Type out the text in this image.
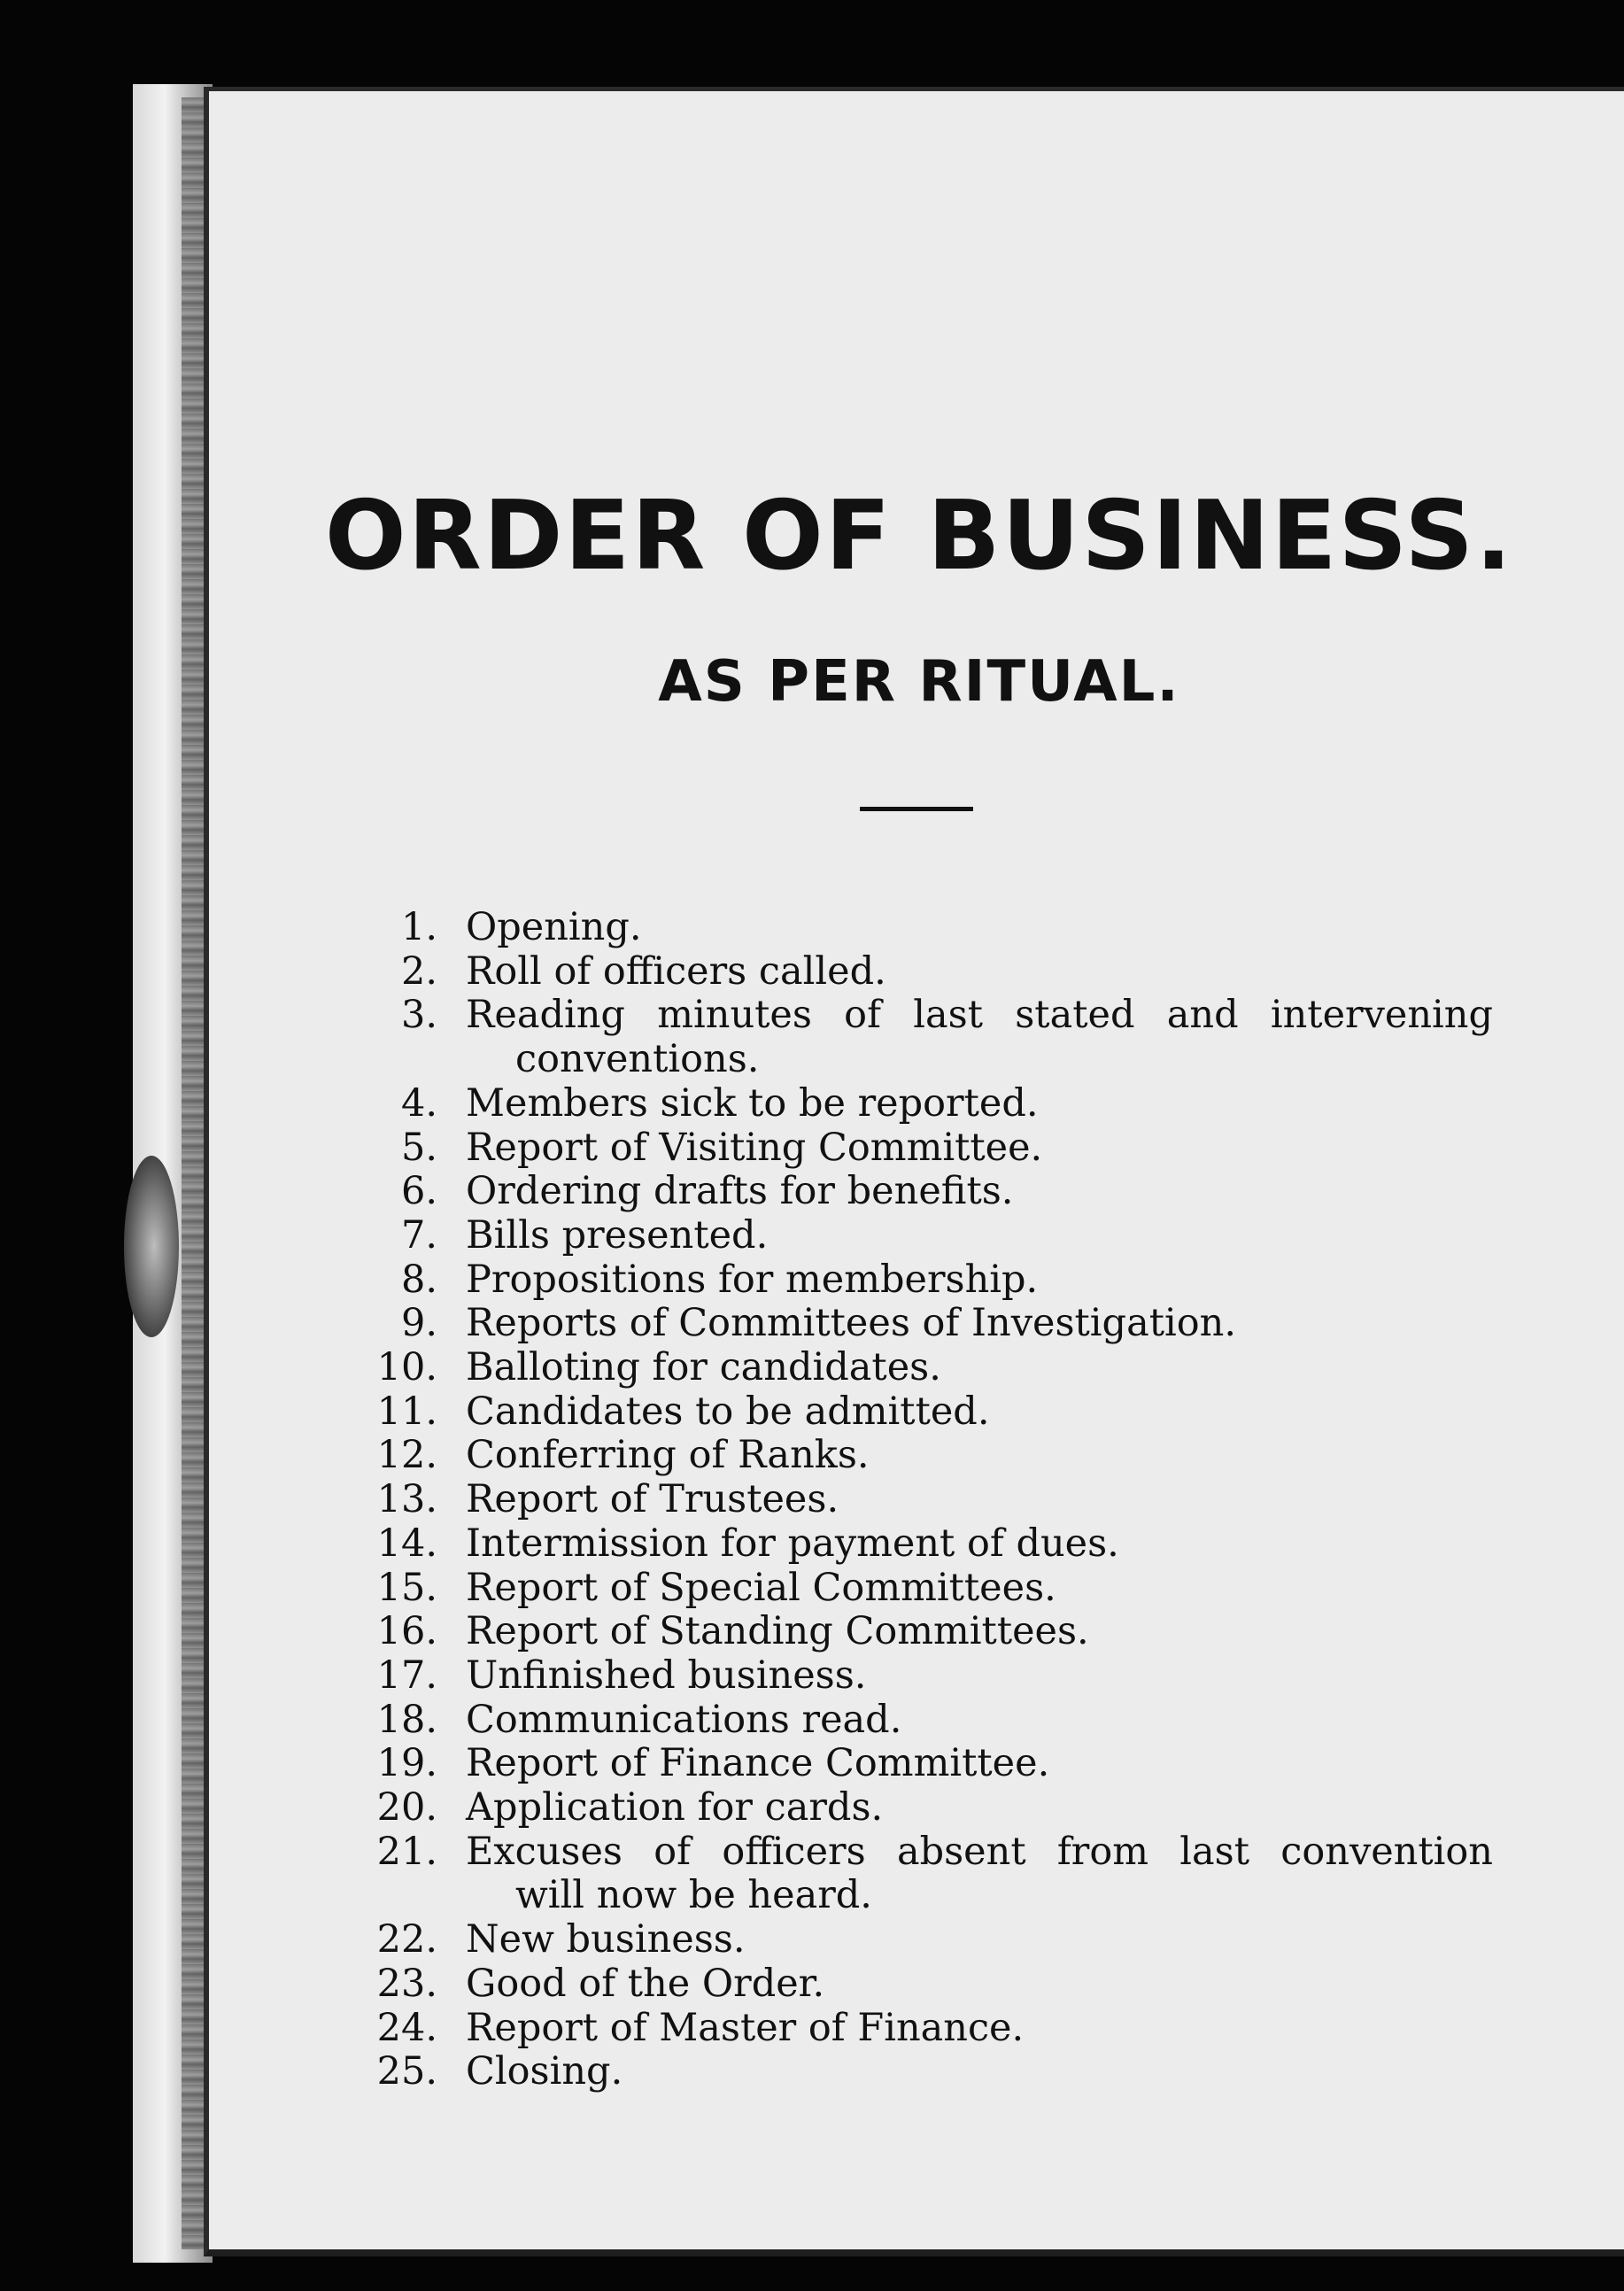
ORDER OF BUSINESS.
AS PER RITUAL.
1. Opening.
2. Roll of officers called.
3. Reading minutes of last stated and intervening
conventions.
4. Members sick to be reported.
5. Report of Visiting Committee.
6. Ordering drafts for benefits.
7. Bills presented.
8. Propositions for membership.
9. Reports of Committees of Investigation.
10. Balloting for candidates.
11. Candidates to be admitted.
12. Conferring of Ranks.
13. Report of Trustees.
14. Intermission for payment of dues.
15. Report of Special Committees.
16. Report of Standing Committees.
17. Unfinished business.
18. Communications read.
19. Report of Finance Committee.
20. Application for cards.
21. Excuses of officers absent from last convention
will now be heard.
22. New business.
23. Good of the Order.
24. Report of Master of Finance.
25. Closing.
